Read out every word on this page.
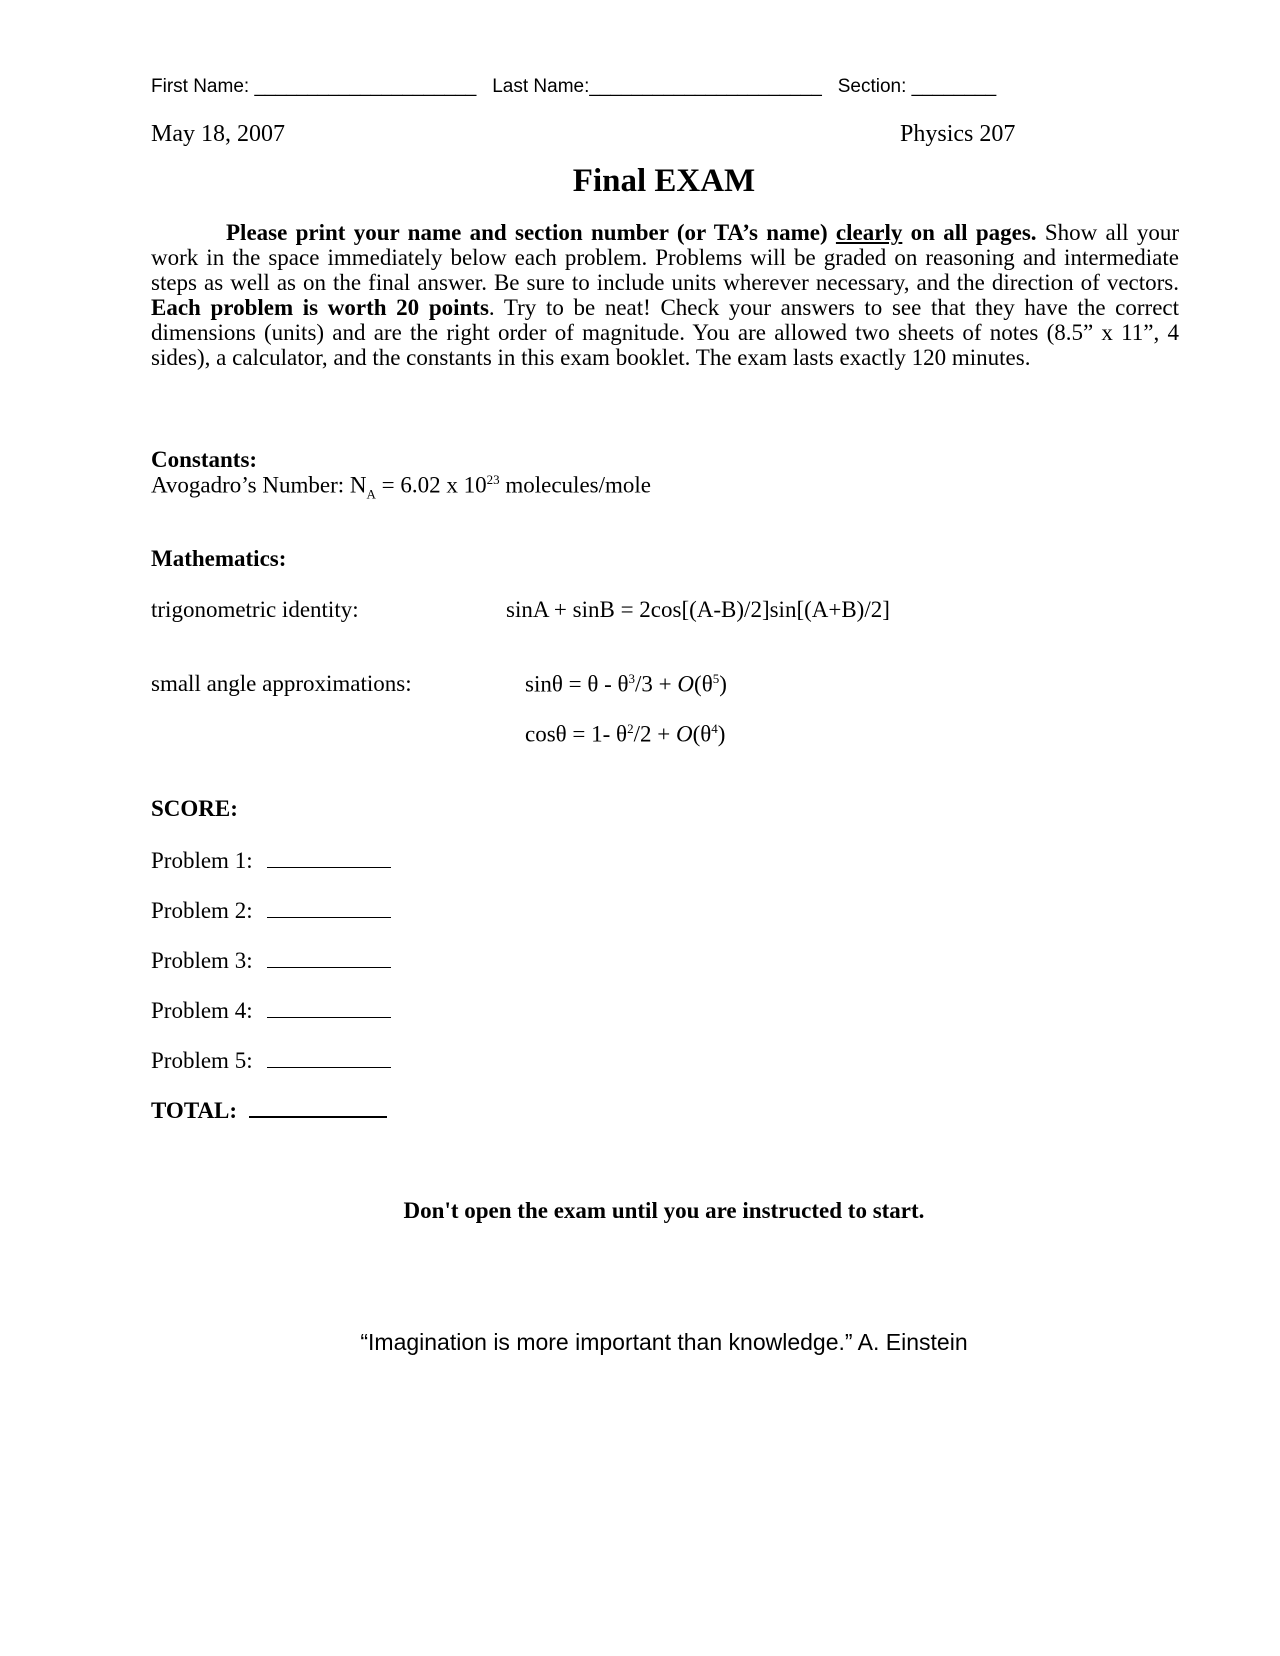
First Name: _____________________ Last Name:______________________ Section: ________
May 18, 2007	Physics 207
Final EXAM
Please print your name and section number (or TA’s name) clearly on all pages. Show all your work in the space immediately below each problem. Problems will be graded on reasoning and intermediate steps as well as on the final answer. Be sure to include units wherever necessary, and the direction of vectors. Each problem is worth 20 points. Try to be neat! Check your answers to see that they have the correct dimensions (units) and are the right order of magnitude. You are allowed two sheets of notes (8.5” x 11”, 4 sides), a calculator, and the constants in this exam booklet. The exam lasts exactly 120 minutes.
Constants:
Avogadro’s Number: $N_A = 6.02$ x $10^{23}$ molecules/mole
Mathematics:
trigonometric identity:	sinA + sinB = 2cos[(A-B)/2]sin[(A+B)/2]
small angle approximations:	$\sin\theta = \theta - \theta^3/3 + O(\theta^5)$
cosθ = 1- $\theta^2/2 + O(\theta^4)$
SCORE:
Problem 1:
Problem 2:
Problem 3:
Problem 4:
Problem 5:
TOTAL:
Don't open the exam until you are instructed to start.
“Imagination is more important than knowledge.” A. Einstein
